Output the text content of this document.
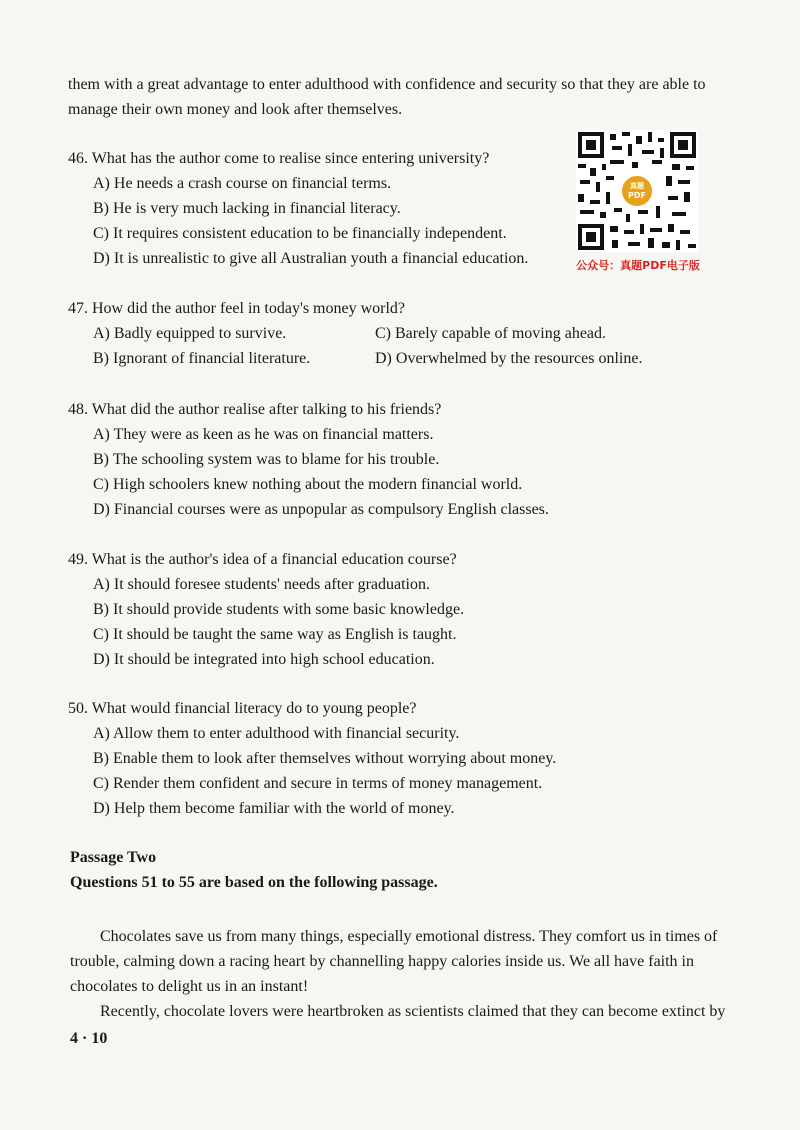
them with a great advantage to enter adulthood with confidence and security so that they are able to
manage their own money and look after themselves.
46. What has the author come to realise since entering university?
A) He needs a crash course on financial terms.
B) He is very much lacking in financial literacy.
C) It requires consistent education to be financially independent.
D) It is unrealistic to give all Australian youth a financial education.
真题
PDF
公众号：真题PDF电子版
47. How did the author feel in today's money world?
A) Badly equipped to survive.	C) Barely capable of moving ahead.
B) Ignorant of financial literature.	D) Overwhelmed by the resources online.
48. What did the author realise after talking to his friends?
A) They were as keen as he was on financial matters.
B) The schooling system was to blame for his trouble.
C) High schoolers knew nothing about the modern financial world.
D) Financial courses were as unpopular as compulsory English classes.
49. What is the author's idea of a financial education course?
A) It should foresee students' needs after graduation.
B) It should provide students with some basic knowledge.
C) It should be taught the same way as English is taught.
D) It should be integrated into high school education.
50. What would financial literacy do to young people?
A) Allow them to enter adulthood with financial security.
B) Enable them to look after themselves without worrying about money.
C) Render them confident and secure in terms of money management.
D) Help them become familiar with the world of money.
Passage Two
Questions 51 to 55 are based on the following passage.
Chocolates save us from many things, especially emotional distress. They comfort us in times of
trouble, calming down a racing heart by channelling happy calories inside us. We all have faith in
chocolates to delight us in an instant!
Recently, chocolate lovers were heartbroken as scientists claimed that they can become extinct by
4 · 10
